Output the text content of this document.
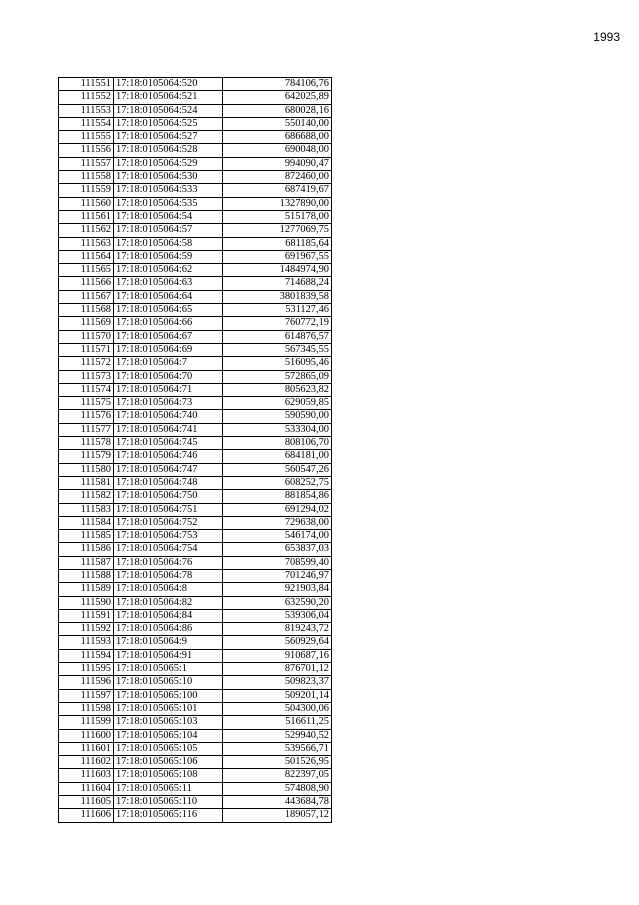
1993
111551	17:18:0105064:520	784106,76
111552	17:18:0105064:521	642025,89
111553	17:18:0105064:524	680028,16
111554	17:18:0105064:525	550140,00
111555	17:18:0105064:527	686688,00
111556	17:18:0105064:528	690048,00
111557	17:18:0105064:529	994090,47
111558	17:18:0105064:530	872460,00
111559	17:18:0105064:533	687419,67
111560	17:18:0105064:535	1327890,00
111561	17:18:0105064:54	515178,00
111562	17:18:0105064:57	1277069,75
111563	17:18:0105064:58	681185,64
111564	17:18:0105064:59	691967,55
111565	17:18:0105064:62	1484974,90
111566	17:18:0105064:63	714688,24
111567	17:18:0105064:64	3801839,58
111568	17:18:0105064:65	531127,46
111569	17:18:0105064:66	760772,19
111570	17:18:0105064:67	614876,57
111571	17:18:0105064:69	567345,55
111572	17:18:0105064:7	516095,46
111573	17:18:0105064:70	572865,09
111574	17:18:0105064:71	805623,82
111575	17:18:0105064:73	629059,85
111576	17:18:0105064:740	590590,00
111577	17:18:0105064:741	533304,00
111578	17:18:0105064:745	808106,70
111579	17:18:0105064:746	684181,00
111580	17:18:0105064:747	560547,26
111581	17:18:0105064:748	608252,75
111582	17:18:0105064:750	881854,86
111583	17:18:0105064:751	691294,02
111584	17:18:0105064:752	729638,00
111585	17:18:0105064:753	546174,00
111586	17:18:0105064:754	653837,03
111587	17:18:0105064:76	708599,40
111588	17:18:0105064:78	701246,97
111589	17:18:0105064:8	921903,84
111590	17:18:0105064:82	632590,20
111591	17:18:0105064:84	539306,04
111592	17:18:0105064:86	819243,72
111593	17:18:0105064:9	560929,64
111594	17:18:0105064:91	910687,16
111595	17:18:0105065:1	876701,12
111596	17:18:0105065:10	509823,37
111597	17:18:0105065:100	509201,14
111598	17:18:0105065:101	504300,06
111599	17:18:0105065:103	516611,25
111600	17:18:0105065:104	529940,52
111601	17:18:0105065:105	539566,71
111602	17:18:0105065:106	501526,95
111603	17:18:0105065:108	822397,05
111604	17:18:0105065:11	574808,90
111605	17:18:0105065:110	443684,78
111606	17:18:0105065:116	189057,12
